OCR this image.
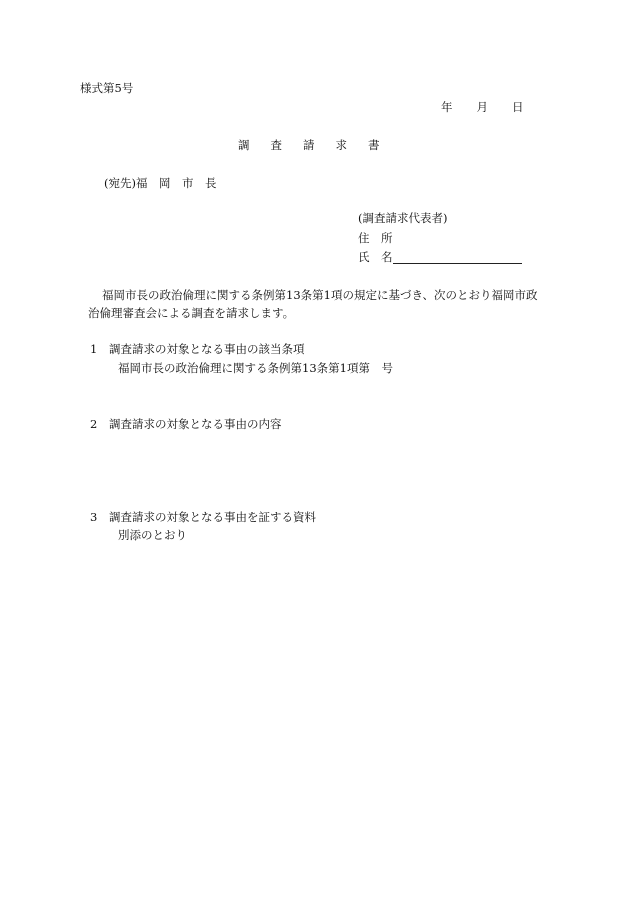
様式第5号
年 月 日
調 査 請 求 書
(宛先)福　岡　市　長
(調査請求代表者)
住　所
氏　名
福岡市長の政治倫理に関する条例第13条第1項の規定に基づき、次のとおり福岡市政
治倫理審査会による調査を請求します。
1 調査請求の対象となる事由の該当条項
福岡市長の政治倫理に関する条例第13条第1項第　号
2 調査請求の対象となる事由の内容
3 調査請求の対象となる事由を証する資料
別添のとおり
